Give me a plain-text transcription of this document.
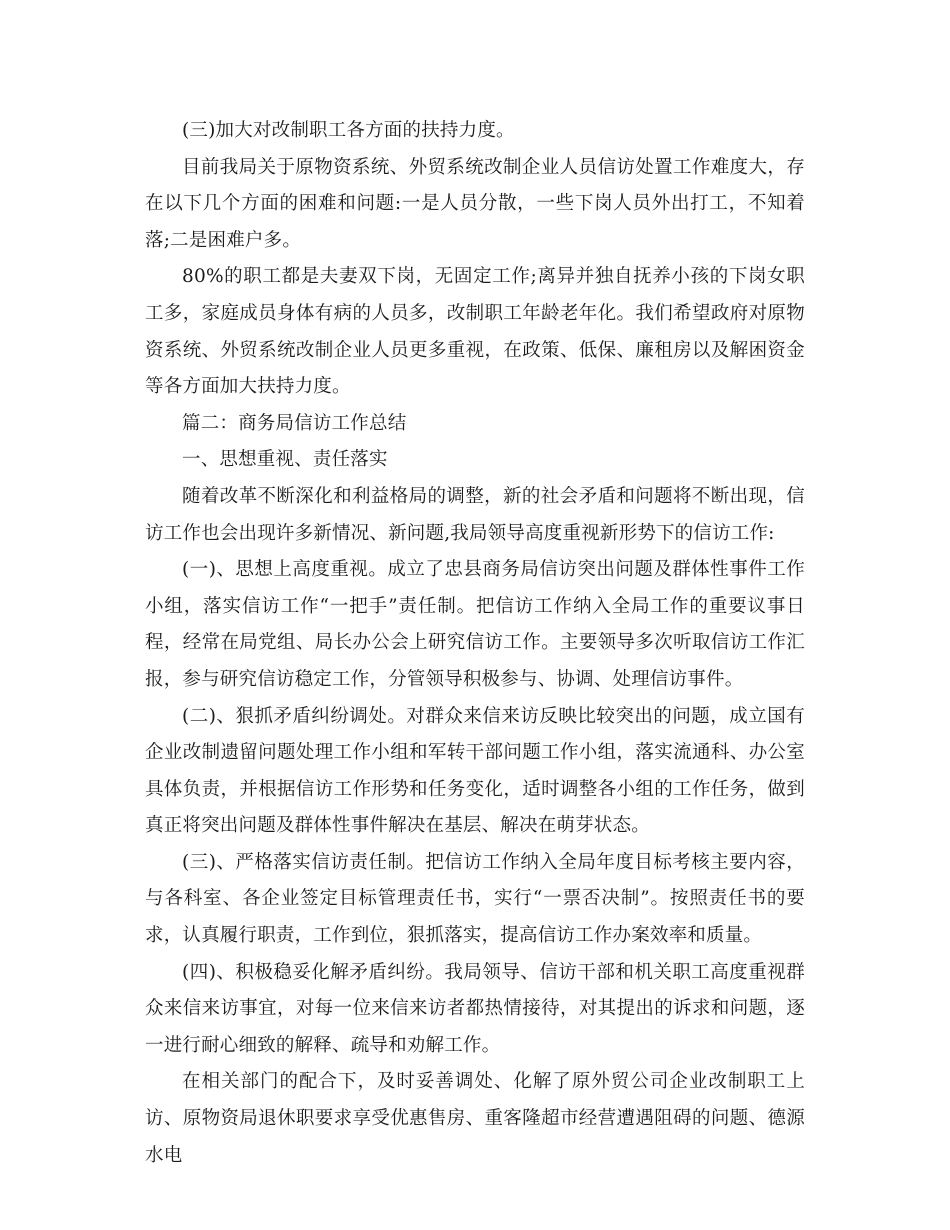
(三)加大对改制职工各方面的扶持力度。

目前我局关于原物资系统、外贸系统改制企业人员信访处置工作难度大，存在以下几个方面的困难和问题:一是人员分散，一些下岗人员外出打工，不知着落;二是困难户多。

80%的职工都是夫妻双下岗，无固定工作;离异并独自抚养小孩的下岗女职工多，家庭成员身体有病的人员多，改制职工年龄老年化。我们希望政府对原物资系统、外贸系统改制企业人员更多重视，在政策、低保、廉租房以及解困资金等各方面加大扶持力度。

篇二：商务局信访工作总结

一、思想重视、责任落实

随着改革不断深化和利益格局的调整，新的社会矛盾和问题将不断出现，信访工作也会出现许多新情况、新问题,我局领导高度重视新形势下的信访工作:

(一)、思想上高度重视。成立了忠县商务局信访突出问题及群体性事件工作小组，落实信访工作“一把手”责任制。把信访工作纳入全局工作的重要议事日程，经常在局党组、局长办公会上研究信访工作。主要领导多次听取信访工作汇报，参与研究信访稳定工作，分管领导积极参与、协调、处理信访事件。

(二)、狠抓矛盾纠纷调处。对群众来信来访反映比较突出的问题，成立国有企业改制遗留问题处理工作小组和军转干部问题工作小组，落实流通科、办公室具体负责，并根据信访工作形势和任务变化，适时调整各小组的工作任务，做到真正将突出问题及群体性事件解决在基层、解决在萌芽状态。

(三)、严格落实信访责任制。把信访工作纳入全局年度目标考核主要内容，与各科室、各企业签定目标管理责任书，实行“一票否决制”。按照责任书的要求，认真履行职责，工作到位，狠抓落实，提高信访工作办案效率和质量。

(四)、积极稳妥化解矛盾纠纷。我局领导、信访干部和机关职工高度重视群众来信来访事宜，对每一位来信来访者都热情接待，对其提出的诉求和问题，逐一进行耐心细致的解释、疏导和劝解工作。

在相关部门的配合下，及时妥善调处、化解了原外贸公司企业改制职工上访、原物资局退休职要求享受优惠售房、重客隆超市经营遭遇阻碍的问题、德源水电
